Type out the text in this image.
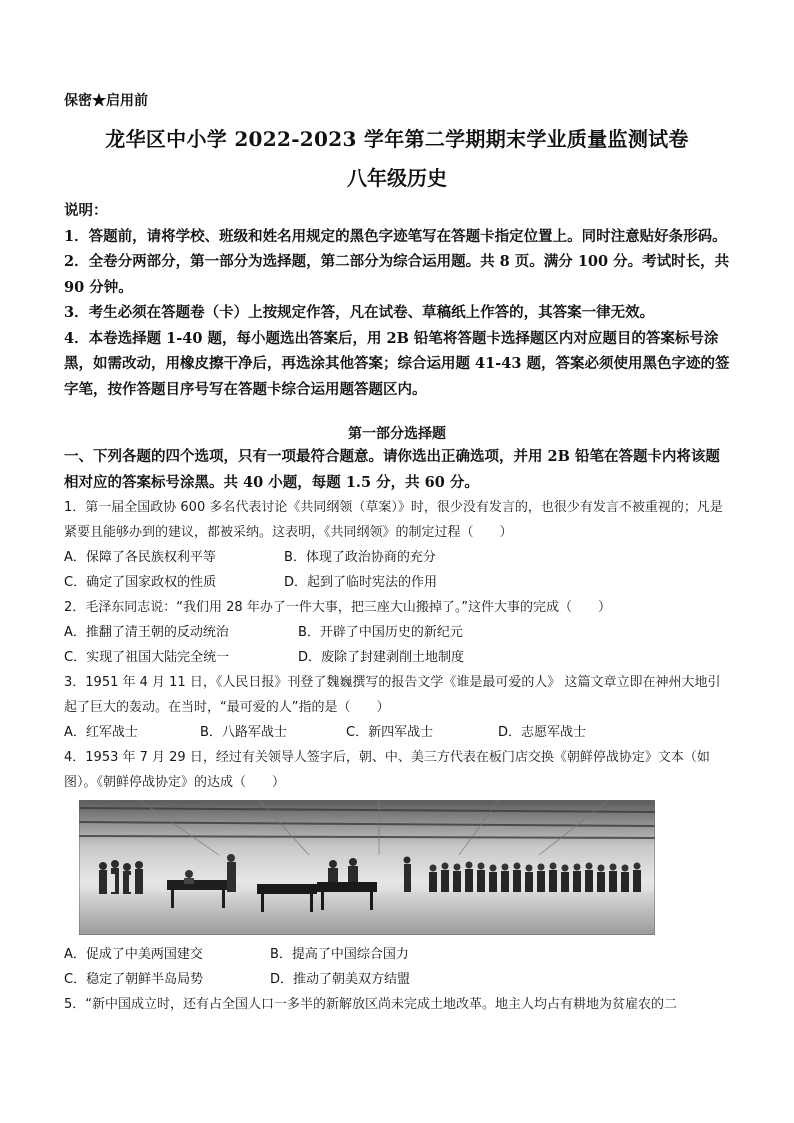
保密★启用前
龙华区中小学 2022-2023 学年第二学期期末学业质量监测试卷
八年级历史

说明：

1．答题前，请将学校、班级和姓名用规定的黑色字迹笔写在答题卡指定位置上。同时注意贴好条形码。

2．全卷分两部分，第一部分为选择题，第二部分为综合运用题。共 8 页。满分 100 分。考试时长，共 90 分钟。

3．考生必须在答题卷（卡）上按规定作答，凡在试卷、草稿纸上作答的，其答案一律无效。

4．本卷选择题 1-40 题，每小题选出答案后，用 2B 铅笔将答题卡选择题区内对应题目的答案标号涂黑，如需改动，用橡皮擦干净后，再选涂其他答案；综合运用题 41-43 题，答案必须使用黑色字迹的签字笔，按作答题目序号写在答题卡综合运用题答题区内。

第一部分选择题

一、下列各题的四个选项，只有一项最符合题意。请你选出正确选项，并用 2B 铅笔在答题卡内将该题相对应的答案标号涂黑。共 40 小题，每题 1.5 分，共 60 分。

1．第一届全国政协 600 多名代表讨论《共同纲领（草案）》时，很少没有发言的，也很少有发言不被重视的；凡是紧要且能够办到的建议，都被采纳。这表明，《共同纲领》的制定过程（　　）

A．保障了各民族权利平等	B．体现了政治协商的充分
C．确定了国家政权的性质	D．起到了临时宪法的作用

2．毛泽东同志说：“我们用 28 年办了一件大事，把三座大山搬掉了。”这件大事的完成（　　）

A．推翻了清王朝的反动统治	B．开辟了中国历史的新纪元
C．实现了祖国大陆完全统一	D．废除了封建剥削土地制度

3．1951 年 4 月 11 日，《人民日报》刊登了魏巍撰写的报告文学《谁是最可爱的人》 这篇文章立即在神州大地引起了巨大的轰动。在当时，“最可爱的人”指的是（　　）

A．红军战士	B．八路军战士	C．新四军战士	D．志愿军战士

4．1953 年 7 月 29 日，经过有关领导人签字后，朝、中、美三方代表在板门店交换《朝鲜停战协定》文本（如图）。《朝鲜停战协定》的达成（　　）

A．促成了中美两国建交	B．提高了中国综合国力
C．稳定了朝鲜半岛局势	D．推动了朝美双方结盟

5．“新中国成立时，还有占全国人口一多半的新解放区尚未完成土地改革。地主人均占有耕地为贫雇农的二
